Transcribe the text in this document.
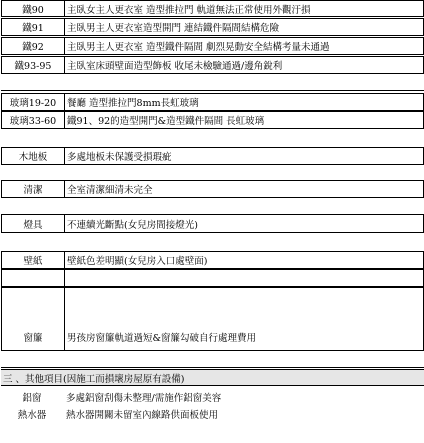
鐵90	主臥女主人更衣室 造型推拉門 軌道無法正常使用外觀汙損
鐵91	主臥男主人更衣室造型開門 連結鐵件隔間結構危險
鐵92	主臥男主人更衣室 造型鐵件隔間 劇烈晃動安全結構考量未通過
鐵93-95	主臥室床頭壁面造型飾板 收尾未檢驗通過/邊角銳利
玻璃19-20	餐廳 造型推拉門8mm長虹玻璃
玻璃33-60	鐵91、92的造型開門&造型鐵件隔間 長虹玻璃
木地板	多處地板未保護受損瑕疵
清潔	全室清潔細清未完全
燈具	不連續光斷點(女兒房間接燈光)
壁紙	壁紙色差明顯(女兒房入口處壁面)
窗簾	男孩房窗簾軌道過短&窗簾勾破自行處理費用
三 、其他項目(因施工而損壞房屋原有設備)
鋁窗	多處鋁窗刮傷未整理/需施作鋁窗美容
熱水器	熱水器開關未留室內線路供面板使用
